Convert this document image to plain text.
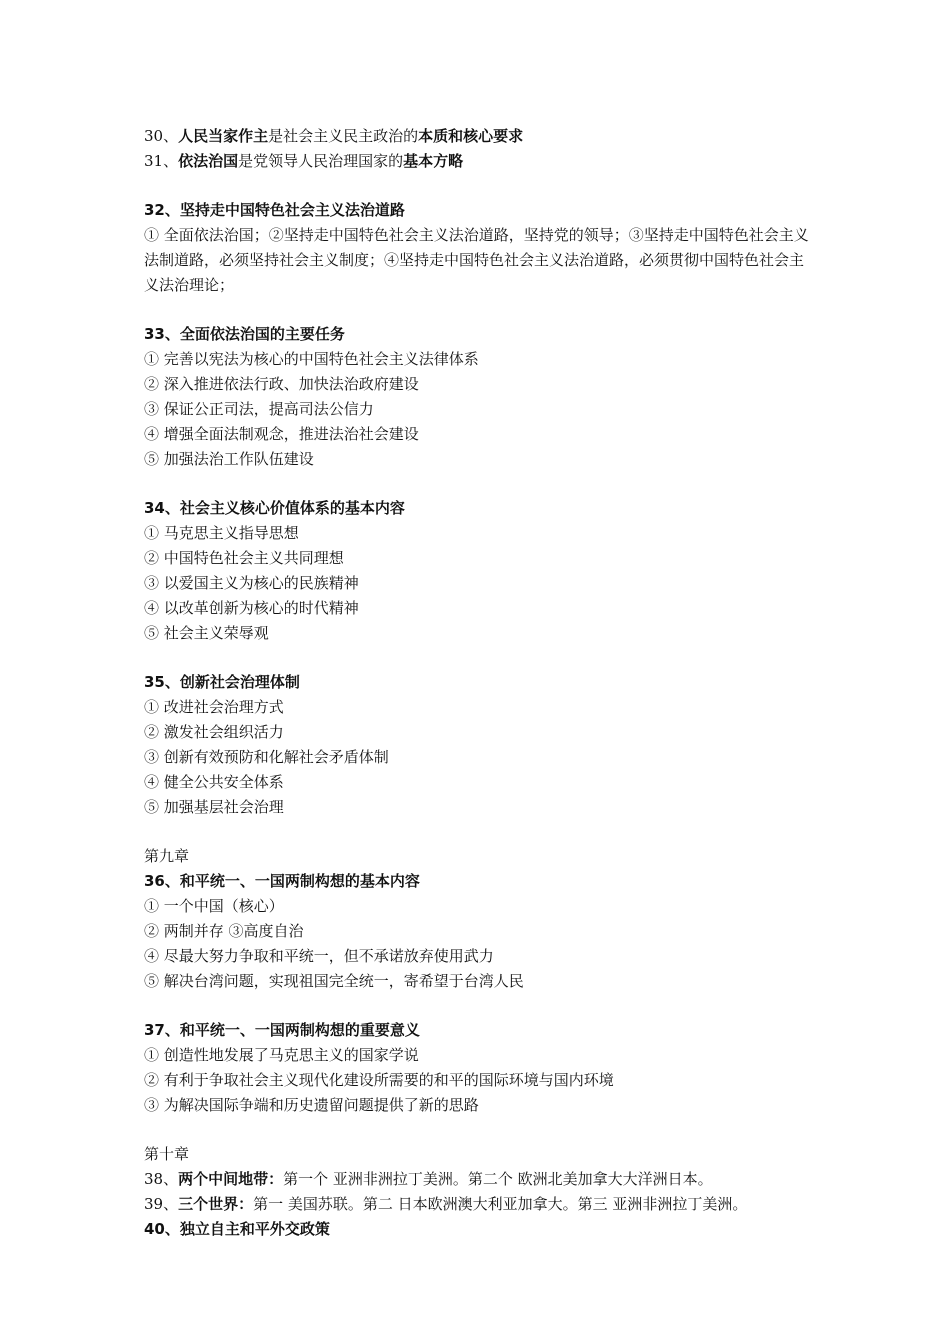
30、人民当家作主是社会主义民主政治的本质和核心要求
31、依法治国是党领导人民治理国家的基本方略
32、坚持走中国特色社会主义法治道路
① 全面依法治国；②坚持走中国特色社会主义法治道路，坚持党的领导；③坚持走中国特色社会主义法制道路，必须坚持社会主义制度；④坚持走中国特色社会主义法治道路，必须贯彻中国特色社会主义法治理论；
33、全面依法治国的主要任务
① 完善以宪法为核心的中国特色社会主义法律体系
② 深入推进依法行政、加快法治政府建设
③ 保证公正司法，提高司法公信力
④ 增强全面法制观念，推进法治社会建设
⑤ 加强法治工作队伍建设
34、社会主义核心价值体系的基本内容
① 马克思主义指导思想
② 中国特色社会主义共同理想
③ 以爱国主义为核心的民族精神
④ 以改革创新为核心的时代精神
⑤ 社会主义荣辱观
35、创新社会治理体制
① 改进社会治理方式
② 激发社会组织活力
③ 创新有效预防和化解社会矛盾体制
④ 健全公共安全体系
⑤ 加强基层社会治理
第九章
36、和平统一、一国两制构想的基本内容
① 一个中国（核心）
② 两制并存 ③高度自治
④ 尽最大努力争取和平统一，但不承诺放弃使用武力
⑤ 解决台湾问题，实现祖国完全统一，寄希望于台湾人民
37、和平统一、一国两制构想的重要意义
① 创造性地发展了马克思主义的国家学说
② 有利于争取社会主义现代化建设所需要的和平的国际环境与国内环境
③ 为解决国际争端和历史遗留问题提供了新的思路
第十章
38、两个中间地带：第一个 亚洲非洲拉丁美洲。第二个 欧洲北美加拿大大洋洲日本。
39、三个世界：第一 美国苏联。第二 日本欧洲澳大利亚加拿大。第三 亚洲非洲拉丁美洲。
40、独立自主和平外交政策
